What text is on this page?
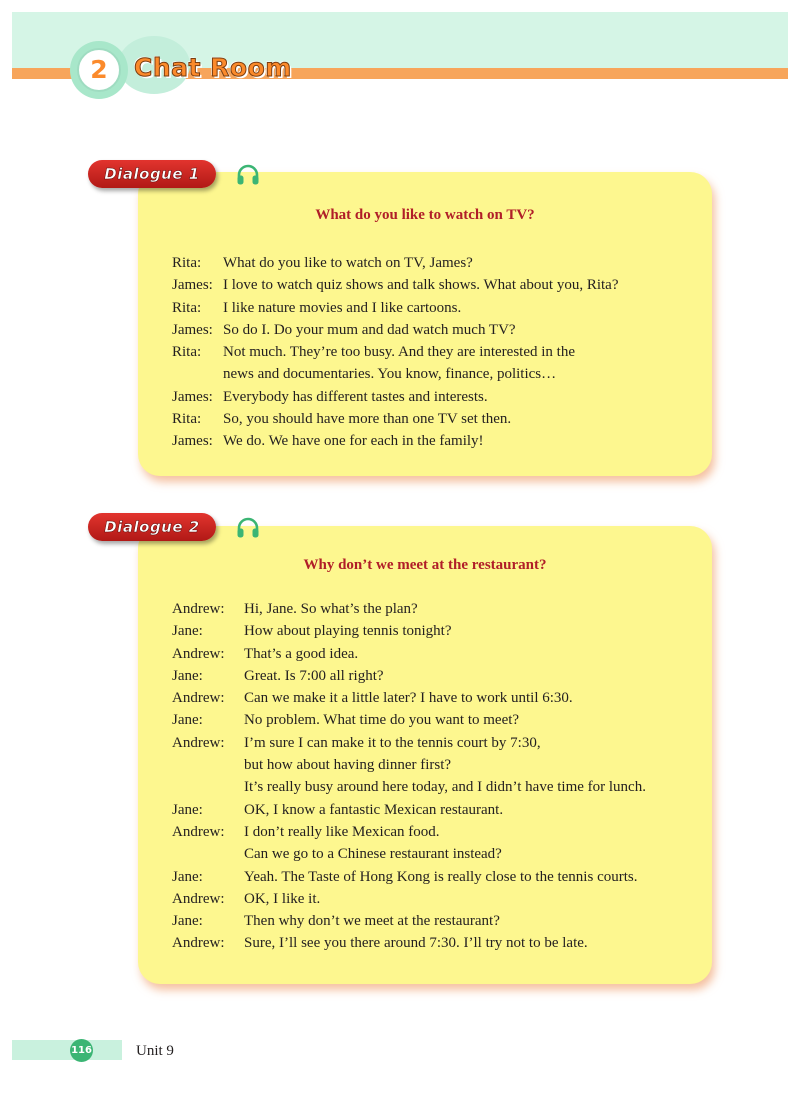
2	Chat Room
What do you like to watch on TV?
Rita: What do you like to watch on TV, James?
James: I love to watch quiz shows and talk shows. What about you, Rita?
Rita: I like nature movies and I like cartoons.
James: So do I. Do your mum and dad watch much TV?
Rita: Not much. They’re too busy. And they are interested in the
news and documentaries. You know, finance, politics…
James: Everybody has different tastes and interests.
Rita: So, you should have more than one TV set then.
James: We do. We have one for each in the family!
Dialogue 1
Why don’t we meet at the restaurant?
Andrew: Hi, Jane. So what’s the plan?
Jane:	How about playing tennis tonight?
Andrew: That’s a good idea.
Jane:	Great. Is 7:00 all right?
Andrew: Can we make it a little later? I have to work until 6:30.
Jane:	No problem. What time do you want to meet?
Andrew: I’m sure I can make it to the tennis court by 7:30,
but how about having dinner first?
It’s really busy around here today, and I didn’t have time for lunch.
Jane:	OK, I know a fantastic Mexican restaurant.
Andrew: I don’t really like Mexican food.
Can we go to a Chinese restaurant instead?
Jane:	Yeah. The Taste of Hong Kong is really close to the tennis courts.
Andrew: OK, I like it.
Jane:	Then why don’t we meet at the restaurant?
Andrew: Sure, I’ll see you there around 7:30. I’ll try not to be late.
Dialogue 2
116	Unit 9
